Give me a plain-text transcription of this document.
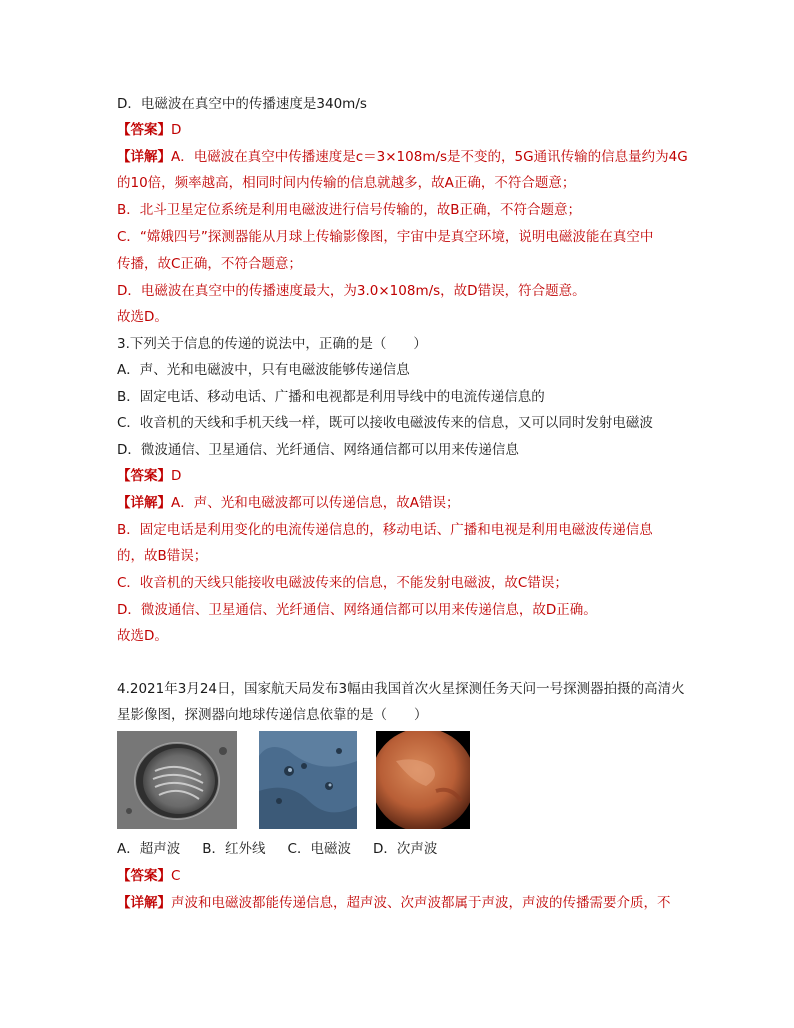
D．电磁波在真空中的传播速度是340m/s
【答案】D
【详解】A．电磁波在真空中传播速度是c＝3×108m/s是不变的，5G通讯传输的信息量约为4G
的10倍，频率越高，相同时间内传输的信息就越多，故A正确，不符合题意；
B．北斗卫星定位系统是利用电磁波进行信号传输的，故B正确，不符合题意；
C．“嫦娥四号”探测器能从月球上传输影像图，宇宙中是真空环境，说明电磁波能在真空中
传播，故C正确，不符合题意；
D．电磁波在真空中的传播速度最大，为3.0×108m/s，故D错误，符合题意。
故选D。
3.下列关于信息的传递的说法中，正确的是（　　）
A．声、光和电磁波中，只有电磁波能够传递信息
B．固定电话、移动电话、广播和电视都是利用导线中的电流传递信息的
C．收音机的天线和手机天线一样，既可以接收电磁波传来的信息，又可以同时发射电磁波
D．微波通信、卫星通信、光纤通信、网络通信都可以用来传递信息
【答案】D
【详解】A．声、光和电磁波都可以传递信息，故A错误；
B．固定电话是利用变化的电流传递信息的，移动电话、广播和电视是利用电磁波传递信息
的，故B错误；
C．收音机的天线只能接收电磁波传来的信息，不能发射电磁波，故C错误；
D．微波通信、卫星通信、光纤通信、网络通信都可以用来传递信息，故D正确。
故选D。
4.2021年3月24日，国家航天局发布3幅由我国首次火星探测任务天问一号探测器拍摄的高清火
星影像图，探测器向地球传递信息依靠的是（　　）
【答案】C
【详解】声波和电磁波都能传递信息，超声波、次声波都属于声波，声波的传播需要介质，不
A．超声波 B．红外线 C．电磁波 D．次声波
